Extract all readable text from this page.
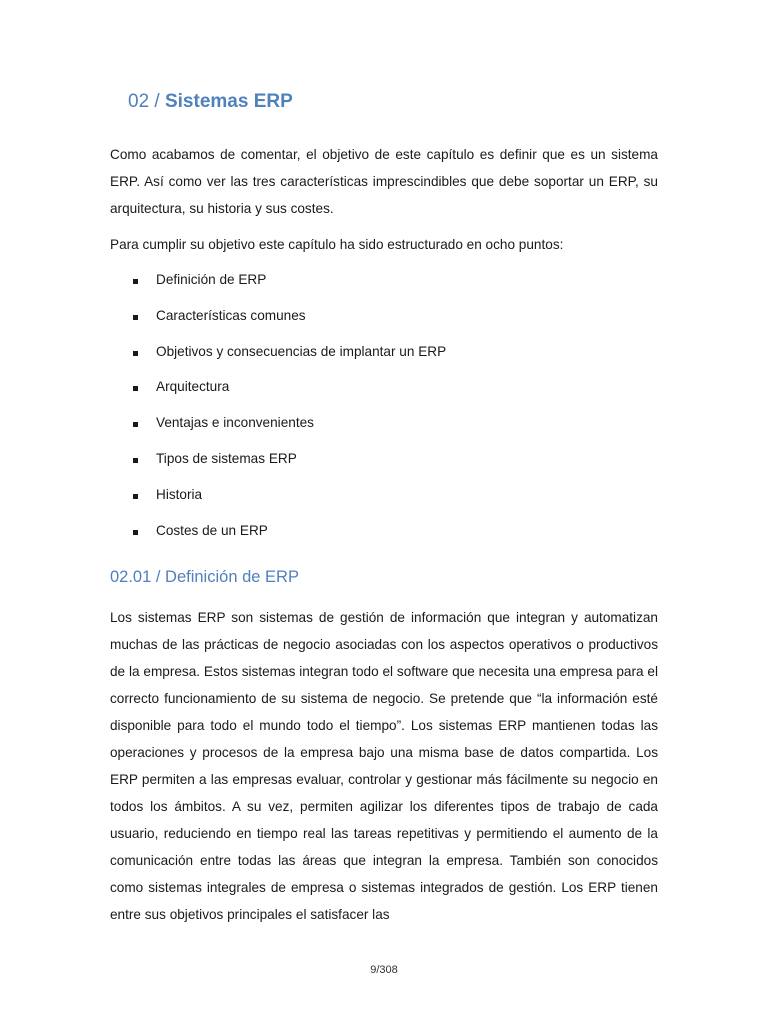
02 / Sistemas ERP

Como acabamos de comentar, el objetivo de este capítulo es definir que es un sistema ERP. Así como ver las tres características imprescindibles que debe soportar un ERP, su arquitectura, su historia y sus costes.

Para cumplir su objetivo este capítulo ha sido estructurado en ocho puntos:

Definición de ERP
Características comunes
Objetivos y consecuencias de implantar un ERP
Arquitectura
Ventajas e inconvenientes
Tipos de sistemas ERP
Historia
Costes de un ERP
02.01 / Definición de ERP

Los sistemas ERP son sistemas de gestión de información que integran y automatizan muchas de las prácticas de negocio asociadas con los aspectos operativos o productivos de la empresa. Estos sistemas integran todo el software que necesita una empresa para el correcto funcionamiento de su sistema de negocio. Se pretende que “la información esté disponible para todo el mundo todo el tiempo”. Los sistemas ERP mantienen todas las operaciones y procesos de la empresa bajo una misma base de datos compartida. Los ERP permiten a las empresas evaluar, controlar y gestionar más fácilmente su negocio en todos los ámbitos. A su vez, permiten agilizar los diferentes tipos de trabajo de cada usuario, reduciendo en tiempo real las tareas repetitivas y permitiendo el aumento de la comunicación entre todas las áreas que integran la empresa. También son conocidos como sistemas integrales de empresa o sistemas integrados de gestión. Los ERP tienen entre sus objetivos principales el satisfacer las

9/308
